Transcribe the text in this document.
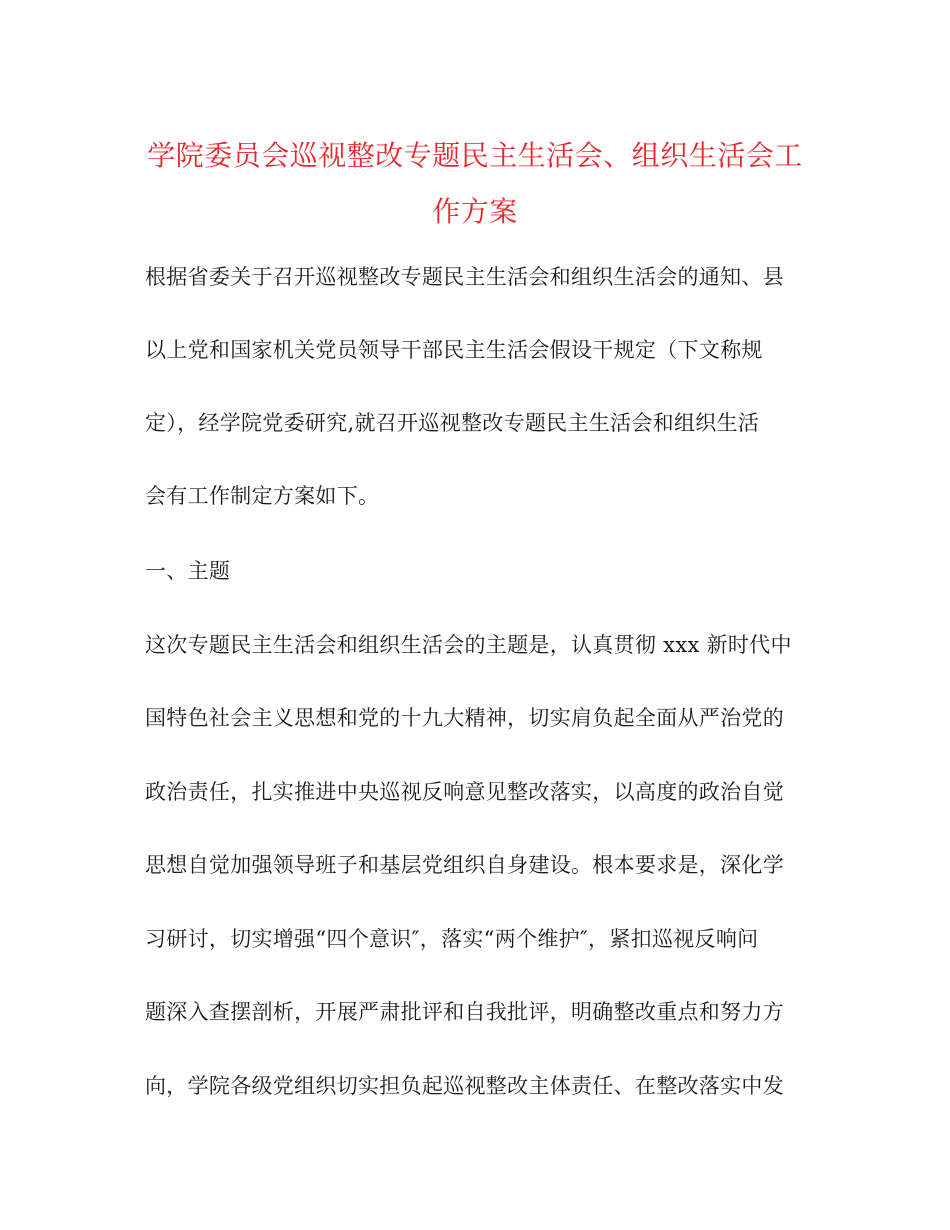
学院委员会巡视整改专题民主生活会、组织生活会工
作方案
根据省委关于召开巡视整改专题民主生活会和组织生活会的通知、县
以上党和国家机关党员领导干部民主生活会假设干规定（下文称规
定），经学院党委研究,就召开巡视整改专题民主生活会和组织生活
会有工作制定方案如下。
一、主题
这次专题民主生活会和组织生活会的主题是，认真贯彻 xxx 新时代中
国特色社会主义思想和党的十九大精神，切实肩负起全面从严治党的
政治责任，扎实推进中央巡视反响意见整改落实，以高度的政治自觉
思想自觉加强领导班子和基层党组织自身建设。根本要求是，深化学
习研讨，切实增强“四个意识″，落实“两个维护″，紧扣巡视反响问
题深入查摆剖析，开展严肃批评和自我批评，明确整改重点和努力方
向，学院各级党组织切实担负起巡视整改主体责任、在整改落实中发
